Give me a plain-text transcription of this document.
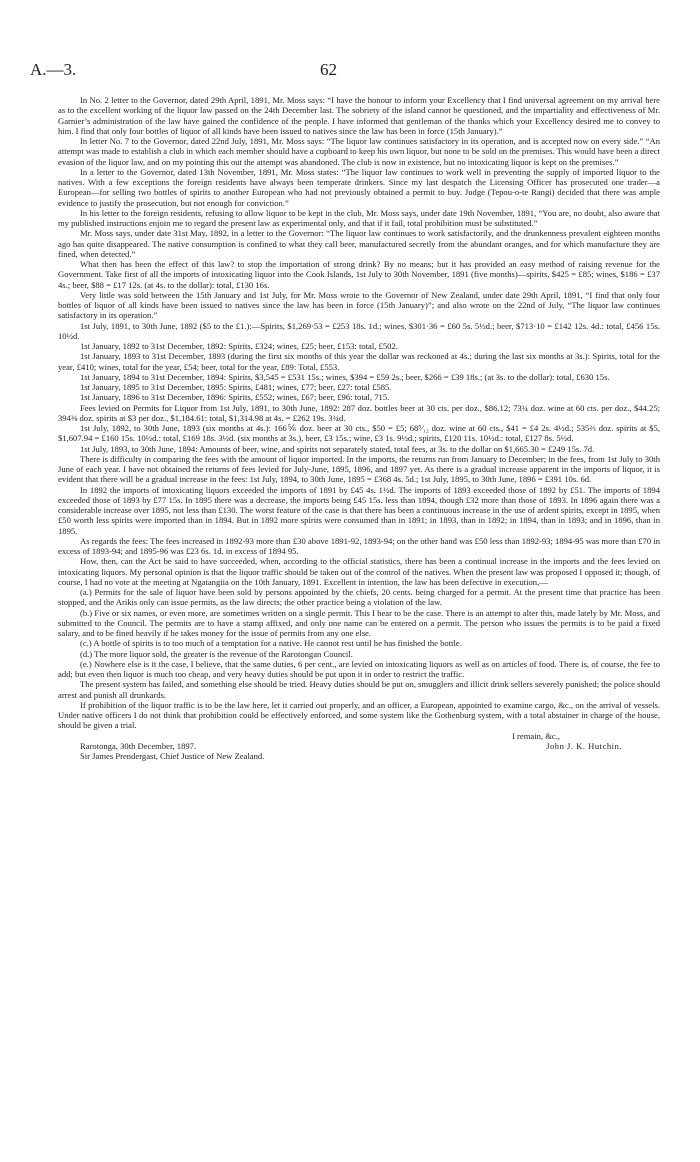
A.—3.	62

In No. 2 letter to the Governor, dated 29th April, 1891, Mr. Moss says: “I have the honour to inform your Excellency that I find universal agreement on my arrival here as to the excellent working of the liquor law passed on the 24th December last. The sobriety of the island cannot be questioned, and the impartiality and effectiveness of Mr. Garnier’s administration of the law have gained the confidence of the people. I have informed that gentleman of the thanks which your Excellency desired me to convey to him. I find that only four bottles of liquor of all kinds have been issued to natives since the law has been in force (15th January).”

In letter No. 7 to the Governor, dated 22nd July, 1891, Mr. Moss says: “The liquor law continues satisfactory in its operation, and is accepted now on every side.” “An attempt was made to establish a club in which each member should have a cupboard to keep his own liquor, but none to be sold on the premises. This would have been a direct evasion of the liquor law, and on my pointing this out the attempt was abandoned. The club is now in existence, but no intoxicating liquor is kept on the premises.”

In a letter to the Governor, dated 13th November, 1891, Mr. Moss states: “The liquor law continues to work well in preventing the supply of imported liquor to the natives. With a few exceptions the foreign residents have always been temperate drinkers. Since my last despatch the Licensing Officer has prosecuted one trader—a European—for selling two bottles of spirits to another European who had not previously obtained a permit to buy. Judge (Tepou-o-te Rangi) decided that there was ample evidence to justify the prosecution, but not enough for conviction.”

In his letter to the foreign residents, refusing to allow liquor to be kept in the club, Mr. Moss says, under date 19th November, 1891, “You are, no doubt, also aware that my published instructions enjoin me to regard the present law as experimental only, and that if it fail, total prohibition must be substituted.”

Mr. Moss says, under date 31st May, 1892, in a letter to the Governor: “The liquor law continues to work satisfactorily, and the drunkenness prevalent eighteen months ago has quite disappeared. The native consumption is confined to what they call beer, manufactured secretly from the abundant oranges, and for which manufacture they are fined, when detected.”

What then has been the effect of this law? to stop the importation of strong drink? By no means; but it has provided an easy method of raising revenue for the Government. Take first of all the imports of intoxicating liquor into the Cook Islands, 1st July to 30th November, 1891 (five months)—spirits, $425 = £85; wines, $186 = £37 4s.; beer, $88 = £17 12s. (at 4s. to the dollar): total, £130 16s.

Very little was sold between the 15th January and 1st July, for Mr. Moss wrote to the Governor of New Zealand, under date 29th April, 1891, “I find that only four bottles of liquor of all kinds have been issued to natives since the law has been in force (15th January)”; and also wrote on the 22nd of July, “The liquor law continues satisfactory in its operation.”

1st July, 1891, to 30th June, 1892 ($5 to the £1.):—Spirits, $1,269·53 = £253 18s. 1d.; wines, $301·36 = £60 5s. 5½d.; beer, $713·10 = £142 12s. 4d.: total, £456 15s. 10½d.

1st January, 1892 to 31st December, 1892: Spirits, £324; wines, £25; beer, £153: total, £502.

1st January, 1893 to 31st December, 1893 (during the first six months of this year the dollar was reckoned at 4s.; during the last six months at 3s.): Spirits, total for the year, £410; wines, total for the year, £54; beer, total for the year, £89: Total, £553.

1st January, 1894 to 31st December, 1894: Spirits, $3,545 = £531 15s.; wines, $394 = £59 2s.; beer, $266 = £39 18s.; (at 3s. to the dollar): total, £630 15s.

1st January, 1895 to 31st December, 1895: Spirits, £481; wines, £77; beer, £27: total £585.

1st January, 1896 to 31st December, 1896: Spirits, £552; wines, £67; beer, £96: total, 715.

Fees levied on Permits for Liquor from 1st July, 1891, to 30th June, 1892: 287 doz. bottles beer at 30 cts. per doz., $86.12; 73¾ doz. wine at 60 cts. per doz., $44.25; 394⅜ doz. spirits at $3 per doz., $1,184.61: total, $1,314.98 at 4s. = £262 19s. 3¾d.

1st July, 1892, to 30th June, 1893 (six months at 4s.): 166⅚ doz. beer at 30 cts., $50 = £5; 68⁵⁄₁₂ doz. wine at 60 cts., $41 = £4 2s. 4½d.; 535⅔ doz. spirits at $5, $1,607.94 = £160 15s. 10½d.: total, £169 18s. 3½d. (six months at 3s.), beer, £3 15s.; wine, £3 1s. 9½d.; spirits, £120 11s. 10½d.: total, £127 8s. 5½d.

1st July, 1893, to 30th June, 1894: Amounts of beer, wine, and spirits not separately stated, total fees, at 3s. to the dollar on $1,665.30 = £249 15s. 7d.

There is difficulty in comparing the fees with the amount of liquor imported. In the imports, the returns run from January to December; in the fees, from 1st July to 30th June of each year. I have not obtained the returns of fees levied for July-June, 1895, 1896, and 1897 yet. As there is a gradual increase apparent in the imports of liquor, it is evident that there will be a gradual increase in the fees: 1st July, 1894, to 30th June, 1895 = £368 4s. 5d.; 1st July, 1895, to 30th June, 1896 = £391 10s. 6d.

In 1892 the imports of intoxicating liquors exceeded the imports of 1891 by £45 4s. 1½d. The imports of 1893 exceeded those of 1892 by £51. The imports of 1894 exceeded those of 1893 by £77 15s. In 1895 there was a decrease, the imports being £45 15s. less than 1894, though £32 more than those of 1893. In 1896 again there was a considerable increase over 1895, not less than £130. The worst feature of the case is that there has been a continuous increase in the use of ardent spirits, except in 1895, when £50 worth less spirits were imported than in 1894. But in 1892 more spirits were consumed than in 1891; in 1893, than in 1892; in 1894, than in 1893; and in 1896, than in 1895.

As regards the fees: The fees increased in 1892-93 more than £30 above 1891-92, 1893-94; on the other hand was £50 less than 1892-93; 1894-95 was more than £70 in excess of 1893-94; and 1895-96 was £23 6s. 1d. in excess of 1894 95.

How, then, can the Act be said to have succeeded, when, according to the official statistics, there has been a continual increase in the imports and the fees levied on intoxicating liquors. My personal opinion is that the liquor traffic should be taken out of the control of the natives. When the present law was proposed I opposed it; though, of course, I had no vote at the meeting at Ngatangiia on the 10th January, 1891. Excellent in intention, the law has been defective in execution,—

(a.) Permits for the sale of liquor have been sold by persons appointed by the chiefs, 20 cents. being charged for a permit. At the present time that practice has been stopped, and the Arikis only can issue permits, as the law directs; the other practice being a violation of the law.

(b.) Five or six names, or even more, are sometimes written on a single permit. This I hear to be the case. There is an attempt to alter this, made lately by Mr. Moss, and submitted to the Council. The permits are to have a stamp affixed, and only one name can be entered on a permit. The person who issues the permits is to be paid a fixed salary, and to be fined heavily if he takes money for the issue of permits from any one else.

(c.) A bottle of spirits is to too much of a temptation for a native. He cannot rest until he has finished the bottle.

(d.) The more liquor sold, the greater is the revenue of the Rarotongan Council.

(e.) Nowhere else is it the case, I believe, that the same duties, 6 per cent., are levied on intoxicating liquors as well as on articles of food. There is, of course, the fee to add; but even then liquor is much too cheap, and very heavy duties should be put upon it in order to restrict the traffic.

The present system has failed, and something else should be tried. Heavy duties should be put on, smugglers and illicit drink sellers severely punished; the police should arrest and punish all drunkards.

If prohibition of the liquor traffic is to be the law here, let it carried out properly, and an officer, a European, appointed to examine cargo, &c., on the arrival of vessels. Under native officers I do not think that prohibition could be effectively enforced, and some system like the Gothenburg system, with a total abstainer in charge of the house, should be given a trial.

I remain, &c.,
Rarotonga, 30th December, 1897.	John J. K. Hutchin.

Sir James Prendergast, Chief Justice of New Zealand.
